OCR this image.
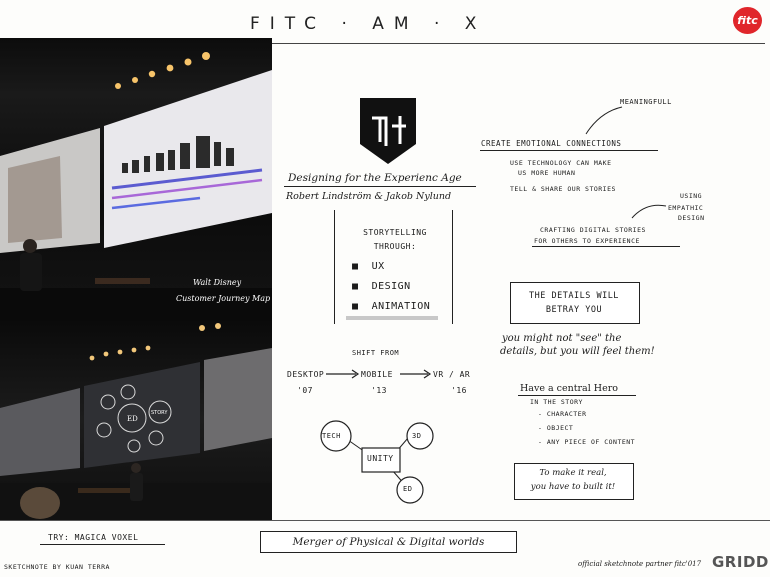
FITC · AM · X	fitc
Walt Disney
Customer Journey Map
ED
STORY
Designing for the Experienc Age
Robert Lindström & Jakob Nylund
STORYTELLING THROUGH:
■  UX
■  DESIGN
■  ANIMATION
SHIFT FROM
DESKTOP
'07
MOBILE
'13
VR / AR
'16
TECH	3D
ED
UNITY
MEANINGFULL
CREATE EMOTIONAL CONNECTIONS
USE TECHNOLOGY CAN MAKE
US MORE HUMAN
TELL & SHARE OUR STORIES
USING
EMPATHIC
DESIGN
CRAFTING DIGITAL STORIES
FOR OTHERS TO EXPERIENCE
THE DETAILS WILL
BETRAY YOU
you might not "see" the
details, but you will feel them!
Have a central Hero
IN THE STORY
- CHARACTER
- OBJECT
- ANY PIECE OF CONTENT
To make it real,
you have to built it!
TRY: MAGICA VOXEL	Merger of Physical & Digital worlds
SKETCHNOTE BY KUAN TERRA	official sketchnote partner fitc'017 GRIDD
